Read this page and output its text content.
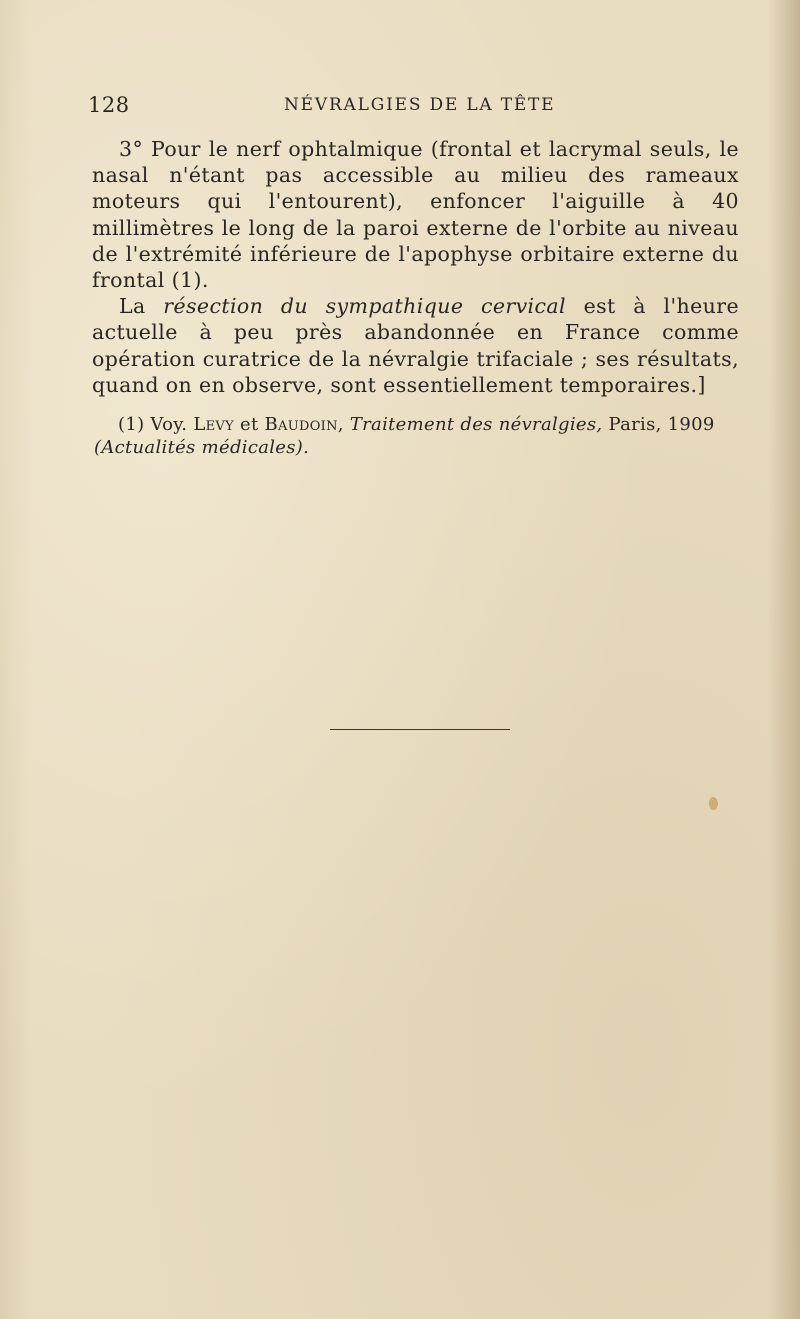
128	NÉVRALGIES DE LA TÊTE

3° Pour le nerf ophtalmique (frontal et lacrymal seuls, le nasal n'étant pas accessible au milieu des rameaux moteurs qui l'entourent), enfoncer l'aiguille à 40 millimètres le long de la paroi externe de l'orbite au niveau de l'extrémité inférieure de l'apophyse orbitaire externe du frontal (1).

La résection du sympathique cervical est à l'heure actuelle à peu près abandonnée en France comme opération curatrice de la névralgie trifaciale ; ses résultats, quand on en observe, sont essentiellement temporaires.]

(1) Voy. Levy et Baudoin, Traitement des névralgies, Paris, 1909 (Actualités médicales).
